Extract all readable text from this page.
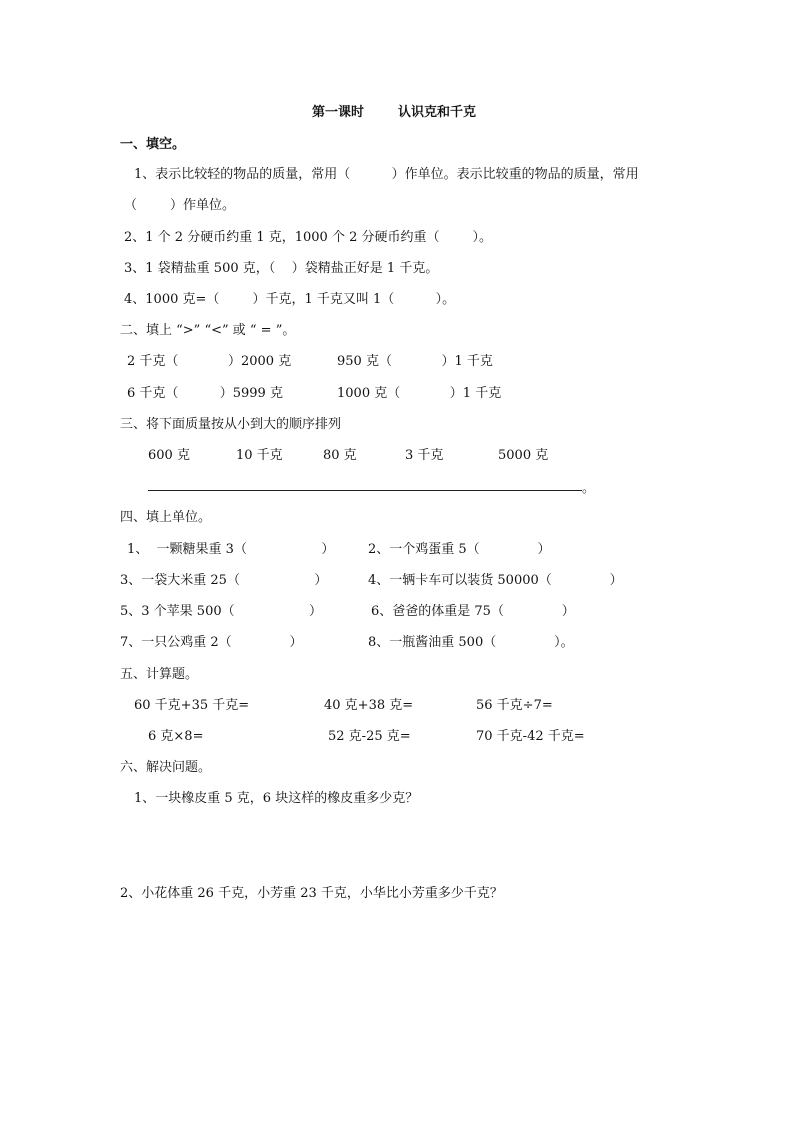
第一课时	认识克和千克
一、填空。
1、表示比较轻的物品的质量，常用（          ）作单位。表示比较重的物品的质量，常用
（        ）作单位。
2、1 个 2 分硬币约重 1 克，1000 个 2 分硬币约重（        ）。
3、1 袋精盐重 500 克，（    ）袋精盐正好是 1 千克。
4、1000 克=（        ）千克，1 千克又叫 1（          ）。
二、填上 “>” “<” 或 “ = ”。
2 千克（            ）2000 克	950 克（            ）1 千克
6 千克（          ）5999 克	1000 克（            ）1 千克
三、将下面质量按从小到大的顺序排列
600 克	10 千克	80 克	3 千克	5000 克
。
四、填上单位。
1、  一颗糖果重 3（                  ）	2、一个鸡蛋重 5（              ）
3、一袋大米重 25（                  ）	4、一辆卡车可以装货 50000（              ）
5、3 个苹果 500（                  ）	6、爸爸的体重是 75（              ）
7、一只公鸡重 2（              ）	8、一瓶酱油重 500（              ）。
五、计算题。
60 千克+35 千克=	40 克+38 克=	56 千克÷7=
6 克×8=	52 克-25 克=	70 千克-42 千克=
六、解决问题。
1、一块橡皮重 5 克，6 块这样的橡皮重多少克？
2、小花体重 26 千克，小芳重 23 千克，小华比小芳重多少千克？
